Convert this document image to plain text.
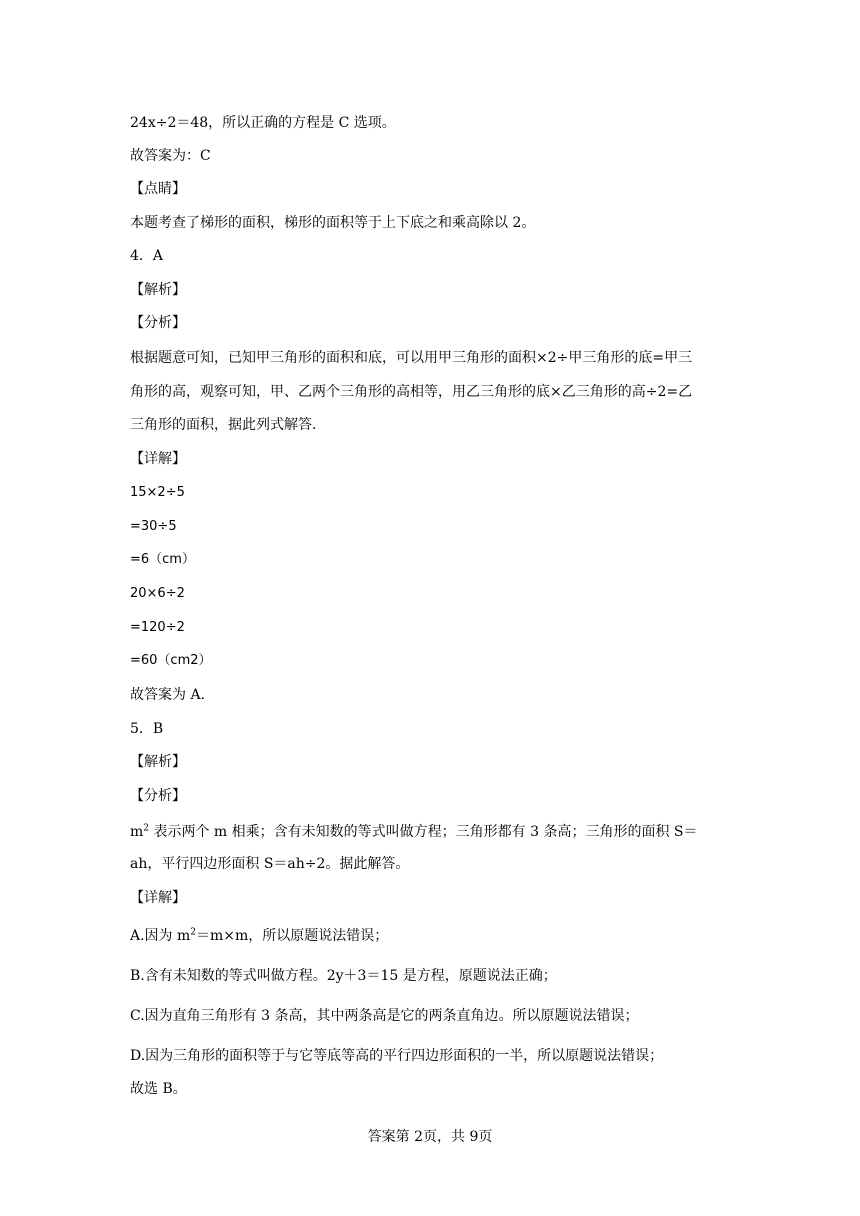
24x÷2＝48，所以正确的方程是 C 选项。
故答案为：C
【点睛】
本题考查了梯形的面积，梯形的面积等于上下底之和乘高除以 2。
4．A
【解析】
【分析】
根据题意可知，已知甲三角形的面积和底，可以用甲三角形的面积×2÷甲三角形的底=甲三
角形的高，观察可知，甲、乙两个三角形的高相等，用乙三角形的底×乙三角形的高÷2=乙
三角形的面积，据此列式解答.
【详解】
15×2÷5
=30÷5
=6（cm）
20×6÷2
=120÷2
=60（cm2）
故答案为 A.
5．B
【解析】
【分析】
$m^2$ 表示两个 m 相乘；含有未知数的等式叫做方程；三角形都有 3 条高；三角形的面积 S＝
ah，平行四边形面积 S＝ah÷2。据此解答。
【详解】
A.因为 $m^2=m\times m$，所以原题说法错误；
B.含有未知数的等式叫做方程。2y＋3＝15 是方程，原题说法正确；
C.因为直角三角形有 3 条高，其中两条高是它的两条直角边。所以原题说法错误；
D.因为三角形的面积等于与它等底等高的平行四边形面积的一半，所以原题说法错误；
故选 B。
答案第 2页，共 9页
